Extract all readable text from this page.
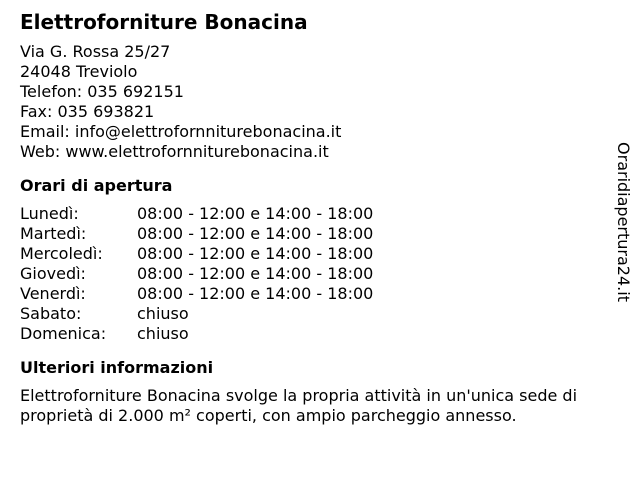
Elettroforniture Bonacina
Via G. Rossa 25/27
24048 Treviolo
Telefon: 035 692151
Fax: 035 693821
Email: info@elettrofornniturebonacina.it
Web: www.elettrofornniturebonacina.it
Orari di apertura
Lunedì:	08:00 - 12:00 e 14:00 - 18:00
Martedì:	08:00 - 12:00 e 14:00 - 18:00
Mercoledì:	08:00 - 12:00 e 14:00 - 18:00
Giovedì:	08:00 - 12:00 e 14:00 - 18:00
Venerdì:	08:00 - 12:00 e 14:00 - 18:00
Sabato:	chiuso
Domenica:	chiuso
Ulteriori informazioni
Elettroforniture Bonacina svolge la propria attività in un'unica sede di proprietà di 2.000 m² coperti, con ampio parcheggio annesso.
Oraridiapertura24.it
